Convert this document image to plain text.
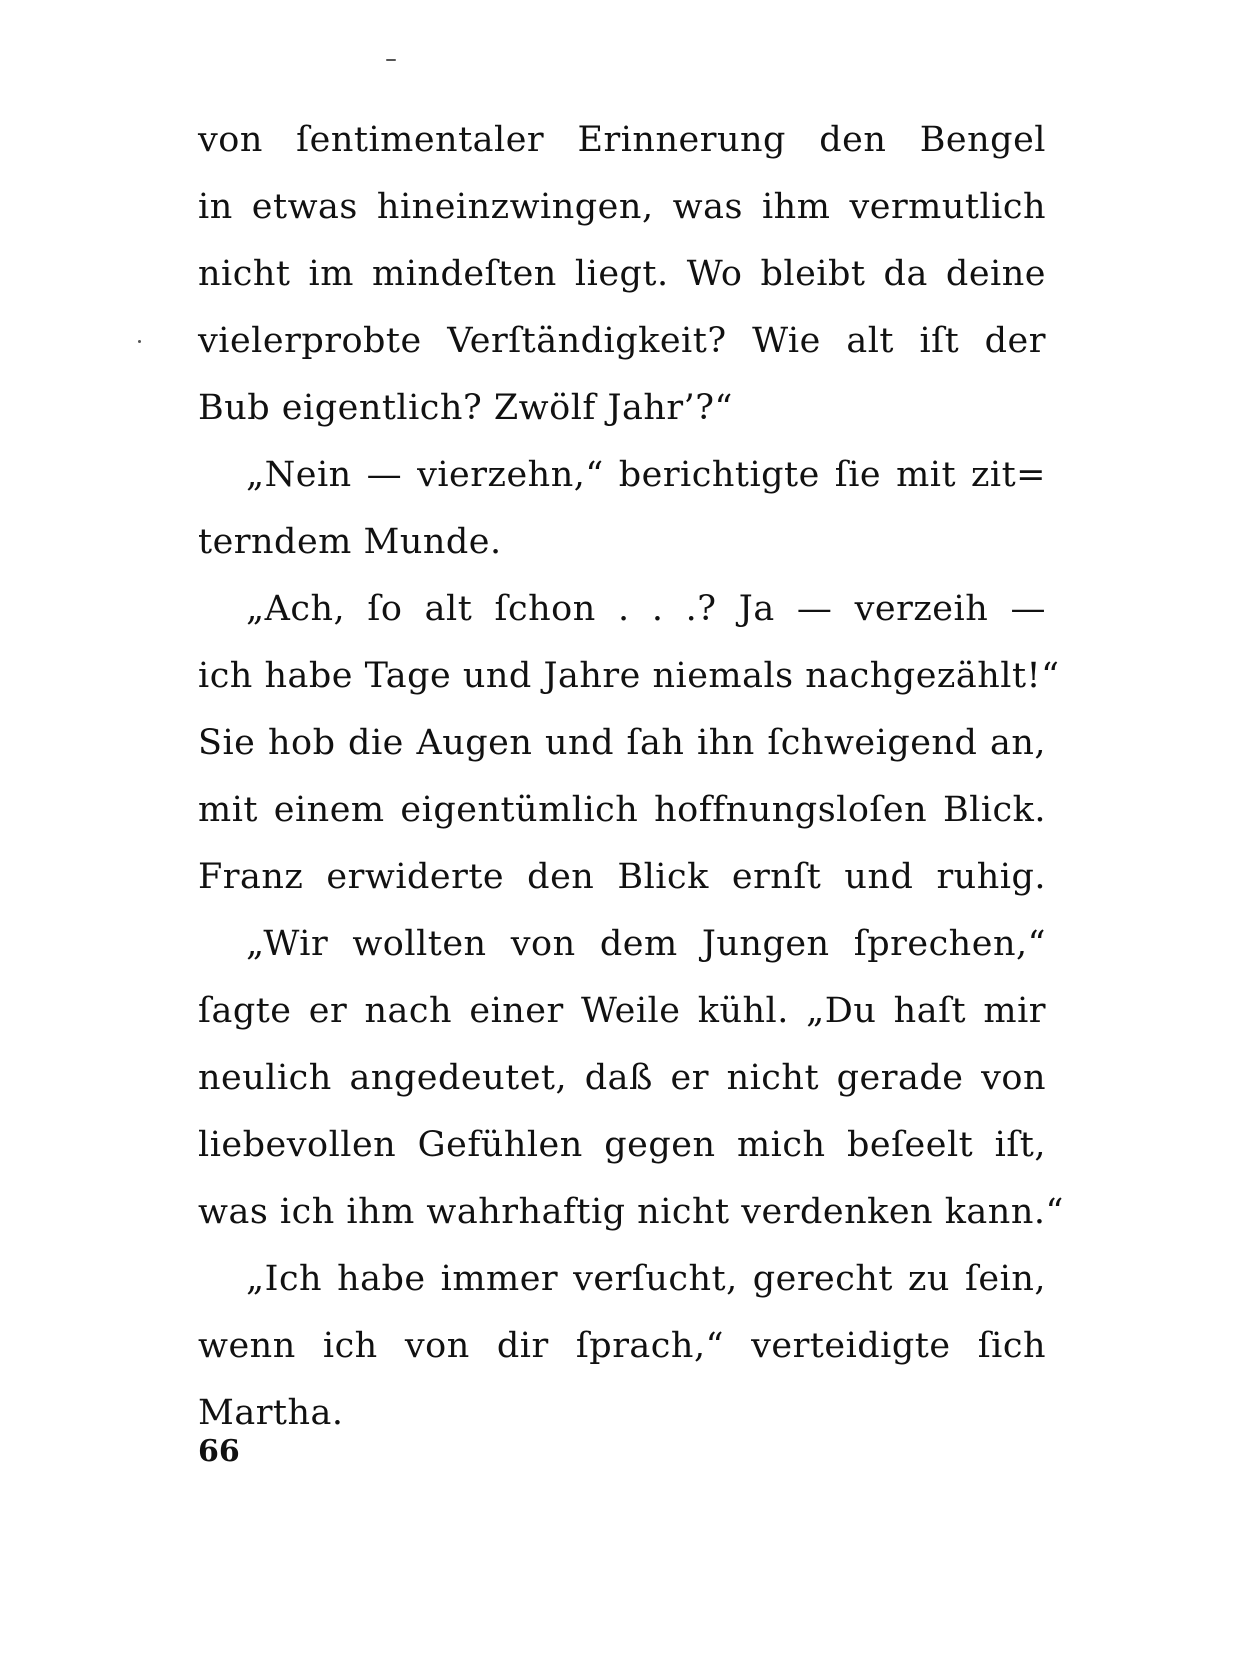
von ſentimentaler Erinnerung den Bengel
in etwas hineinzwingen, was ihm vermutlich
nicht im mindeſten liegt. Wo bleibt da deine
vielerprobte Verſtändigkeit? Wie alt iſt der
Bub eigentlich? Zwölf Jahr’?“
„Nein — vierzehn,“ berichtigte ſie mit zit=
terndem Munde.
„Ach, ſo alt ſchon . . .? Ja — verzeih —
ich habe Tage und Jahre niemals nachgezählt!“
Sie hob die Augen und ſah ihn ſchweigend an,
mit einem eigentümlich hoffnungsloſen Blick.
Franz erwiderte den Blick ernſt und ruhig.
„Wir wollten von dem Jungen ſprechen,“
ſagte er nach einer Weile kühl. „Du haſt mir
neulich angedeutet, daß er nicht gerade von
liebevollen Gefühlen gegen mich beſeelt iſt,
was ich ihm wahrhaftig nicht verdenken kann.“
„Ich habe immer verſucht, gerecht zu ſein,
wenn ich von dir ſprach,“ verteidigte ſich
Martha.
66
